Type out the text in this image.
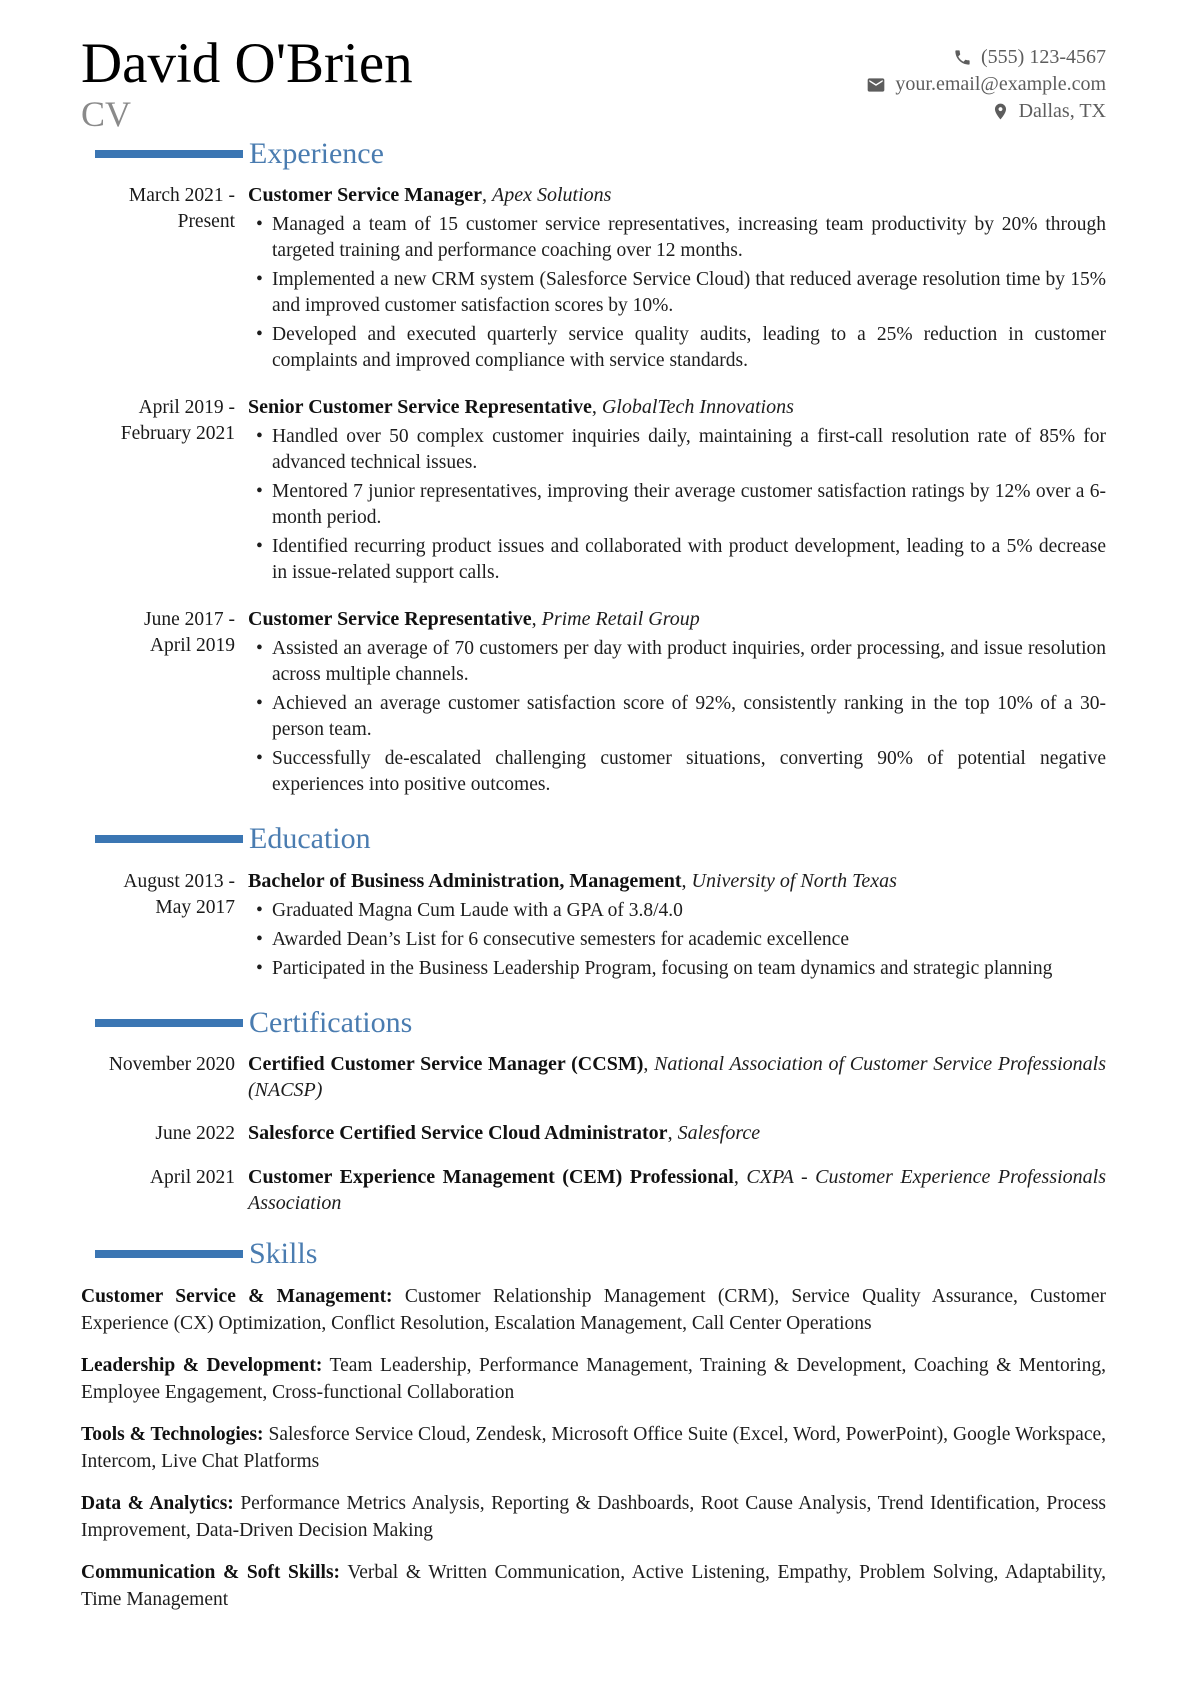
David O'Brien
CV
(555) 123-4567
your.email@example.com
Dallas, TX
Experience
March 2021 -
Present
Customer Service Manager, Apex Solutions
• Managed a team of 15 customer service representatives, increasing team productivity by 20% through targeted training and performance coaching over 12 months.
• Implemented a new CRM system (Salesforce Service Cloud) that reduced average resolution time by 15% and improved customer satisfaction scores by 10%.
• Developed and executed quarterly service quality audits, leading to a 25% reduction in customer complaints and improved compliance with service standards.
April 2019 -
February 2021
Senior Customer Service Representative, GlobalTech Innovations
• Handled over 50 complex customer inquiries daily, maintaining a first-call resolution rate of 85% for advanced technical issues.
• Mentored 7 junior representatives, improving their average customer satisfaction ratings by 12% over a 6-month period.
• Identified recurring product issues and collaborated with product development, leading to a 5% decrease in issue-related support calls.
June 2017 -
April 2019
Customer Service Representative, Prime Retail Group
• Assisted an average of 70 customers per day with product inquiries, order processing, and issue resolution across multiple channels.
• Achieved an average customer satisfaction score of 92%, consistently ranking in the top 10% of a 30-person team.
• Successfully de-escalated challenging customer situations, converting 90% of potential negative experiences into positive outcomes.
Education
August 2013 -
May 2017
Bachelor of Business Administration, Management, University of North Texas
• Graduated Magna Cum Laude with a GPA of 3.8/4.0
• Awarded Dean’s List for 6 consecutive semesters for academic excellence
• Participated in the Business Leadership Program, focusing on team dynamics and strategic planning
Certifications
November 2020 Certified Customer Service Manager (CCSM), National Association of Customer Service Professionals (NACSP)
June 2022 Salesforce Certified Service Cloud Administrator, Salesforce
April 2021 Customer Experience Management (CEM) Professional, CXPA - Customer Experience Professionals Association
Skills

Customer Service & Management: Customer Relationship Management (CRM), Service Quality Assurance, Customer Experience (CX) Optimization, Conflict Resolution, Escalation Management, Call Center Operations

Leadership & Development: Team Leadership, Performance Management, Training & Development, Coaching & Mentoring, Employee Engagement, Cross-functional Collaboration

Tools & Technologies: Salesforce Service Cloud, Zendesk, Microsoft Office Suite (Excel, Word, PowerPoint), Google Workspace, Intercom, Live Chat Platforms

Data & Analytics: Performance Metrics Analysis, Reporting & Dashboards, Root Cause Analysis, Trend Identification, Process Improvement, Data-Driven Decision Making

Communication & Soft Skills: Verbal & Written Communication, Active Listening, Empathy, Problem Solving, Adaptability, Time Management
